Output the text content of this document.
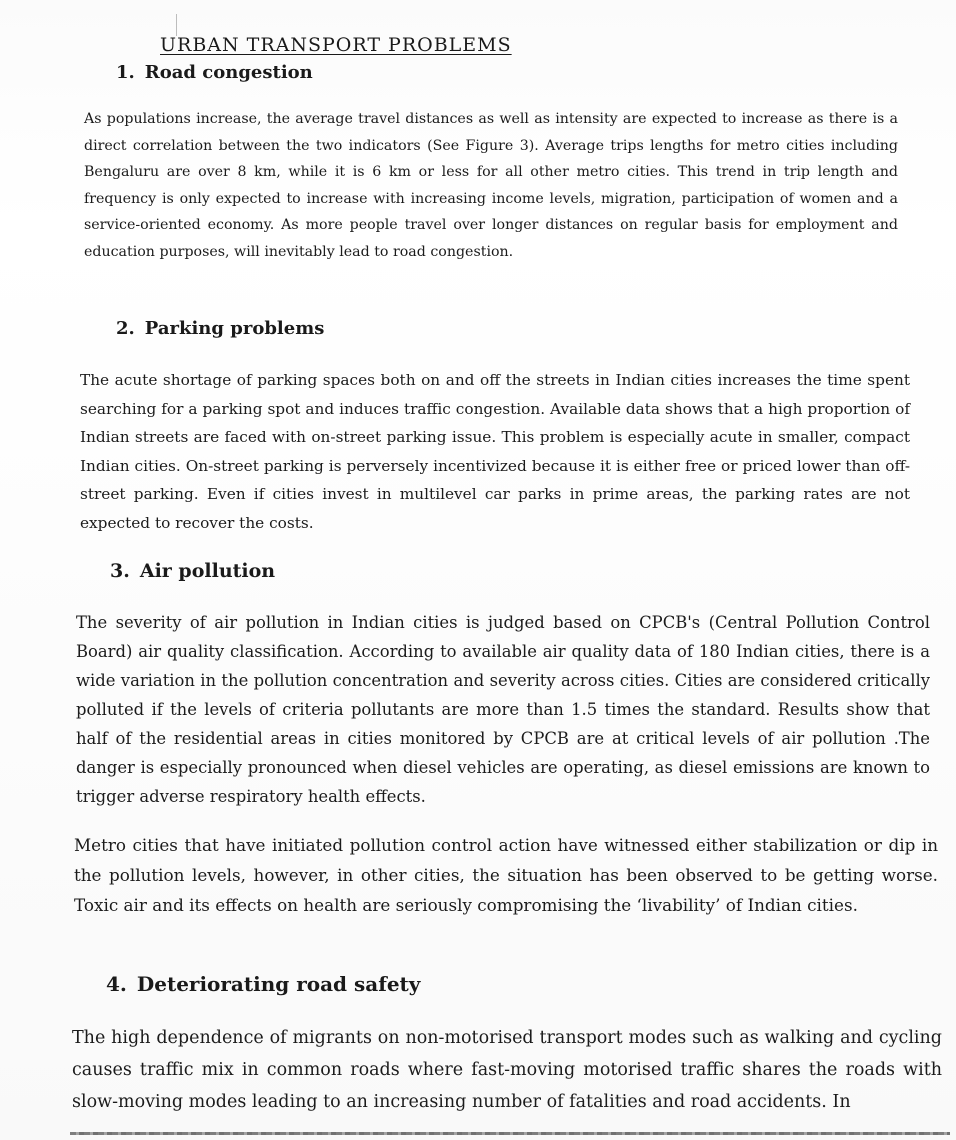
URBAN TRANSPORT PROBLEMS
1. Road congestion

As populations increase, the average travel distances as well as intensity are expected to increase as there is a direct correlation between the two indicators (See Figure 3). Average trips lengths for metro cities including Bengaluru are over 8 km, while it is 6 km or less for all other metro cities. This trend in trip length and frequency is only expected to increase with increasing income levels, migration, participation of women and a service-oriented economy. As more people travel over longer distances on regular basis for employment and education purposes, will inevitably lead to road congestion.

2. Parking problems

The acute shortage of parking spaces both on and off the streets in Indian cities increases the time spent searching for a parking spot and induces traffic congestion. Available data shows that a high proportion of Indian streets are faced with on-street parking issue. This problem is especially acute in smaller, compact Indian cities. On-street parking is perversely incentivized because it is either free or priced lower than off-street parking. Even if cities invest in multilevel car parks in prime areas, the parking rates are not expected to recover the costs.

3. Air pollution

The severity of air pollution in Indian cities is judged based on CPCB's (Central Pollution Control Board) air quality classification. According to available air quality data of 180 Indian cities, there is a wide variation in the pollution concentration and severity across cities. Cities are considered critically polluted if the levels of criteria pollutants are more than 1.5 times the standard. Results show that half of the residential areas in cities monitored by CPCB are at critical levels of air pollution .The danger is especially pronounced when diesel vehicles are operating, as diesel emissions are known to trigger adverse respiratory health effects.

Metro cities that have initiated pollution control action have witnessed either stabilization or dip in the pollution levels, however, in other cities, the situation has been observed to be getting worse. Toxic air and its effects on health are seriously compromising the ‘livability’ of Indian cities.

4. Deteriorating road safety

The high dependence of migrants on non-motorised transport modes such as walking and cycling causes traffic mix in common roads where fast-moving motorised traffic shares the roads with slow-moving modes leading to an increasing number of fatalities and road accidents. In
